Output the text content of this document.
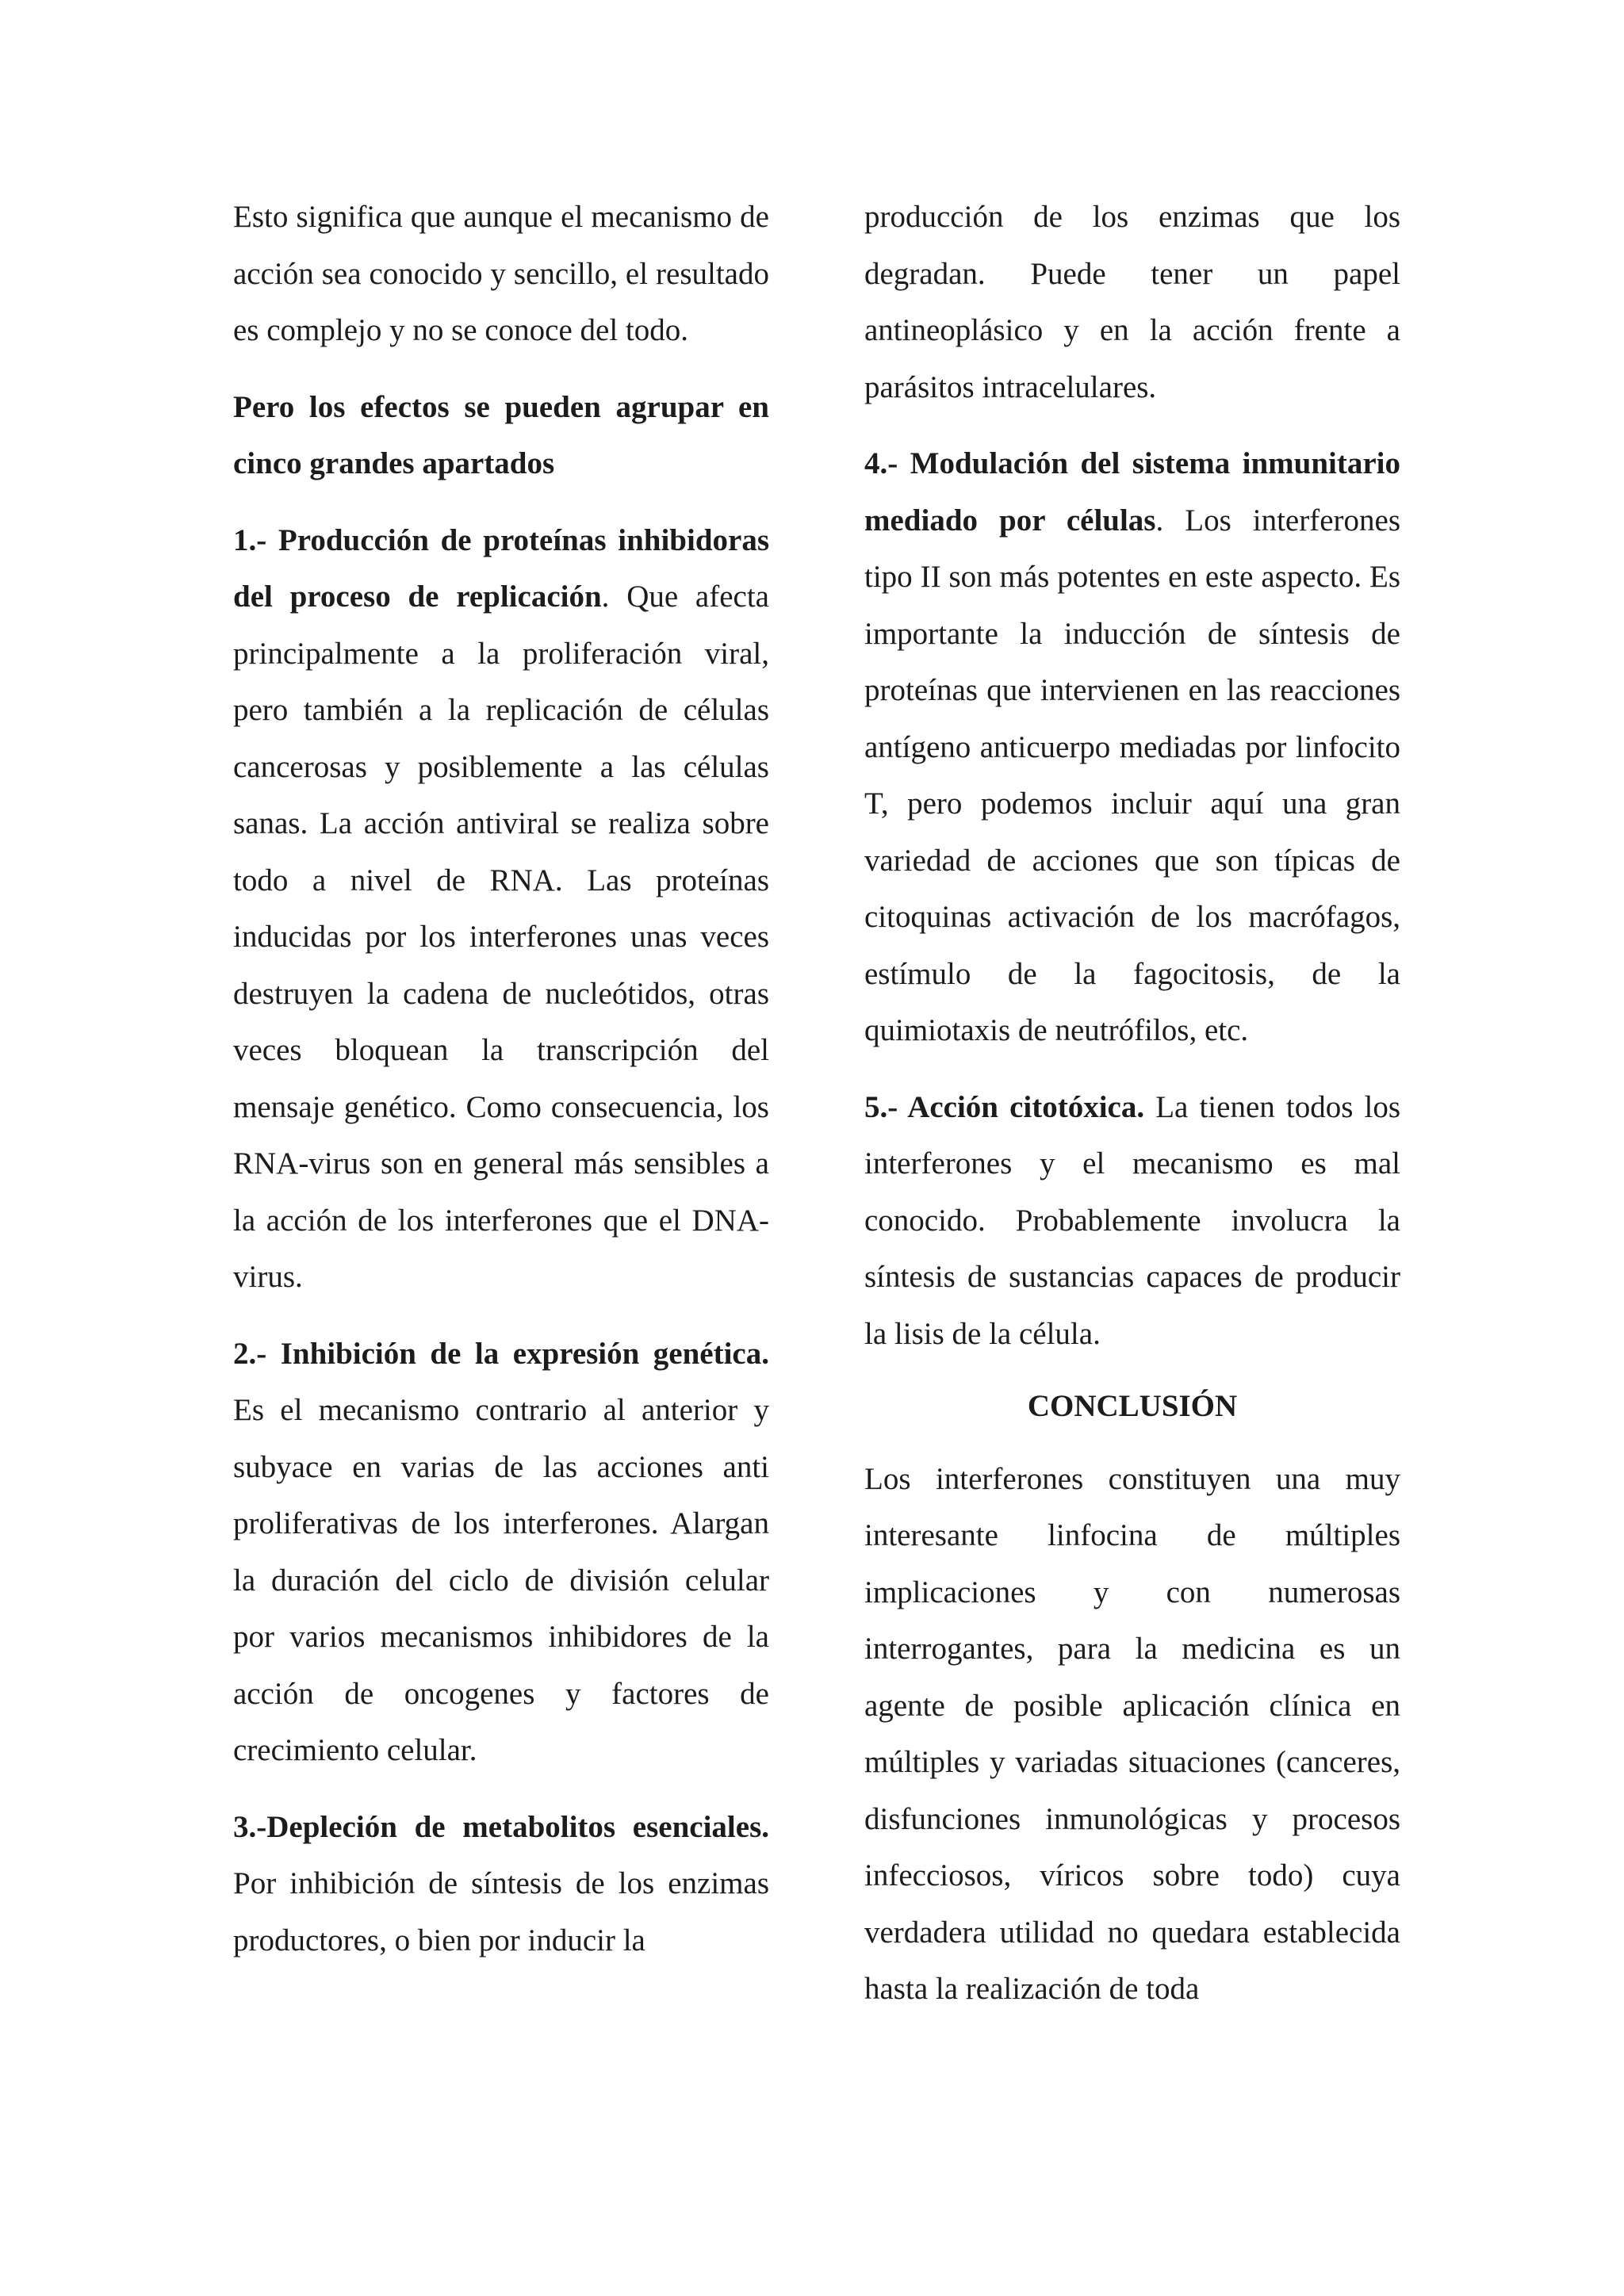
Esto significa que aunque el mecanismo de acción sea conocido y sencillo, el resultado es complejo y no se conoce del todo.

Pero los efectos se pueden agrupar en cinco grandes apartados

1.- Producción de proteínas inhibidoras del proceso de replicación. Que afecta principalmente a la proliferación viral, pero también a la replicación de células cancerosas y posiblemente a las células sanas. La acción antiviral se realiza sobre todo a nivel de RNA. Las proteínas inducidas por los interferones unas veces destruyen la cadena de nucleótidos, otras veces bloquean la transcripción del mensaje genético. Como consecuencia, los RNA-virus son en general más sensibles a la acción de los interferones que el DNA-virus.

2.- Inhibición de la expresión genética. Es el mecanismo contrario al anterior y subyace en varias de las acciones anti proliferativas de los interferones. Alargan la duración del ciclo de división celular por varios mecanismos inhibidores de la acción de oncogenes y factores de crecimiento celular.

3.-Depleción de metabolitos esenciales. Por inhibición de síntesis de los enzimas productores, o bien por inducir la

producción de los enzimas que los degradan. Puede tener un papel antineoplásico y en la acción frente a parásitos intracelulares.

4.- Modulación del sistema inmunitario mediado por células. Los interferones tipo II son más potentes en este aspecto. Es importante la inducción de síntesis de proteínas que intervienen en las reacciones antígeno anticuerpo mediadas por linfocito T, pero podemos incluir aquí una gran variedad de acciones que son típicas de citoquinas activación de los macrófagos, estímulo de la fagocitosis, de la quimiotaxis de neutrófilos, etc.

5.- Acción citotóxica. La tienen todos los interferones y el mecanismo es mal conocido. Probablemente involucra la síntesis de sustancias capaces de producir la lisis de la célula.

CONCLUSIÓN

Los interferones constituyen una muy interesante linfocina de múltiples implicaciones y con numerosas interrogantes, para la medicina es un agente de posible aplicación clínica en múltiples y variadas situaciones (canceres, disfunciones inmunológicas y procesos infecciosos, víricos sobre todo) cuya verdadera utilidad no quedara establecida hasta la realización de toda
